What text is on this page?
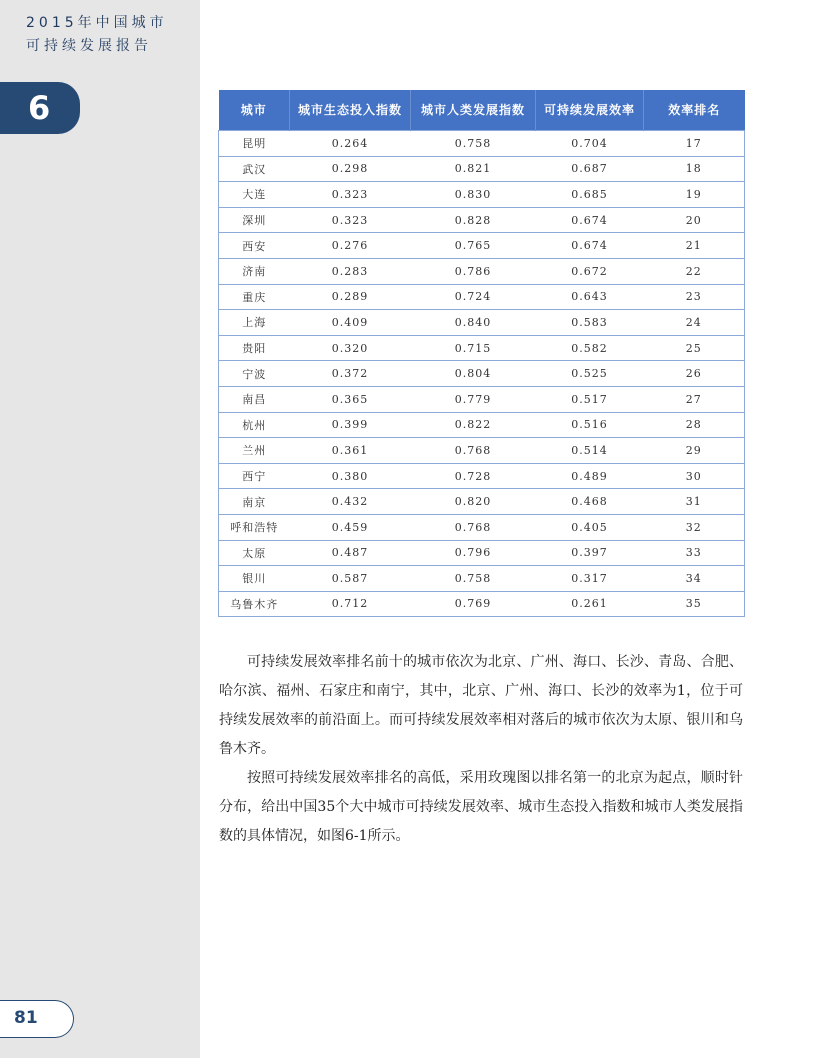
2015年中国城市
可持续发展报告
6	城市	城市生态投入指数	城市人类发展指数	可持续发展效率	效率排名
昆明	0.264	0.758	0.704	17
武汉	0.298	0.821	0.687	18
大连	0.323	0.830	0.685	19
深圳	0.323	0.828	0.674	20
西安	0.276	0.765	0.674	21
济南	0.283	0.786	0.672	22
重庆	0.289	0.724	0.643	23
上海	0.409	0.840	0.583	24
贵阳	0.320	0.715	0.582	25
宁波	0.372	0.804	0.525	26
南昌	0.365	0.779	0.517	27
杭州	0.399	0.822	0.516	28
兰州	0.361	0.768	0.514	29
西宁	0.380	0.728	0.489	30
南京	0.432	0.820	0.468	31
呼和浩特	0.459	0.768	0.405	32
太原	0.487	0.796	0.397	33
银川	0.587	0.758	0.317	34
乌鲁木齐	0.712	0.769	0.261	35

可持续发展效率排名前十的城市依次为北京、广州、海口、长沙、青岛、合肥、哈尔滨、福州、石家庄和南宁，其中，北京、广州、海口、长沙的效率为1，位于可持续发展效率的前沿面上。而可持续发展效率相对落后的城市依次为太原、银川和乌鲁木齐。

按照可持续发展效率排名的高低，采用玫瑰图以排名第一的北京为起点，顺时针分布，给出中国35个大中城市可持续发展效率、城市生态投入指数和城市人类发展指数的具体情况，如图6-1所示。

81
